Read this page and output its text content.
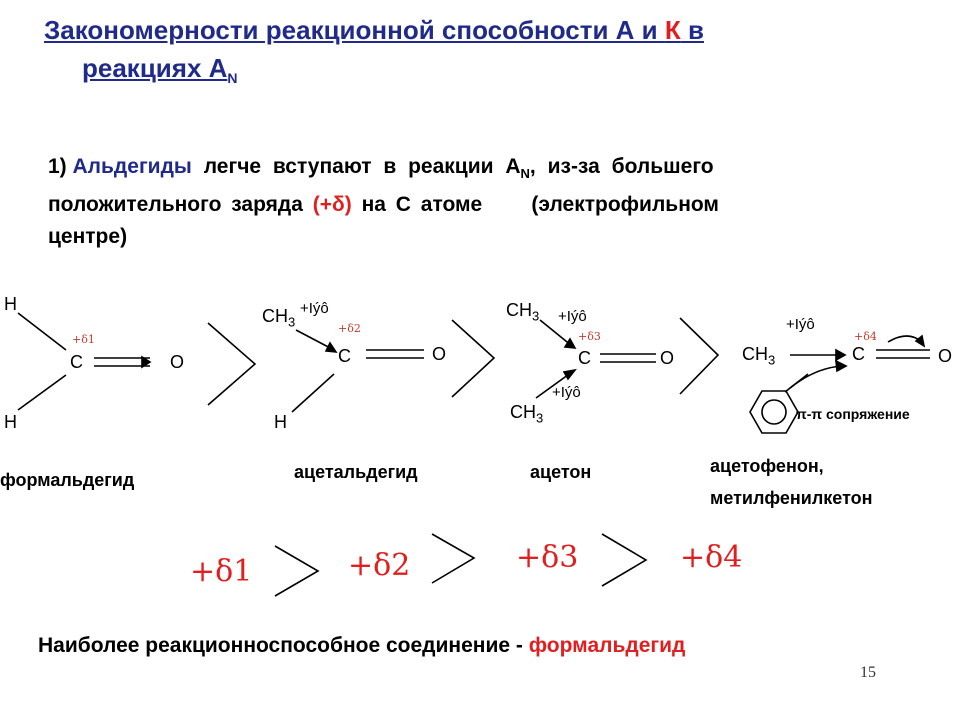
Закономерности реакционной способности А и К в
реакциях $А_N$
1) Альдегиды легче вступают в реакции $А_N$, из-за большего
положительного заряда (+δ) на С атоме     (электрофильном
центре)
H
H
C	O
+δ1
формальдегид
$CH_3$
+Iýô
+δ2
C	O
H
ацетальдегид
$CH_3$ +Iýô
+δ3
C	O
+Iýô
$CH_3$
ацетон
+Iýô
+δ4
$CH_3$	C	O
π-π сопряжение
ацетофенон,
метилфенилкетон
+δ1	+δ2	+δ3	+δ4
Наиболее реакционноспособное соединение - формальдегид
15
